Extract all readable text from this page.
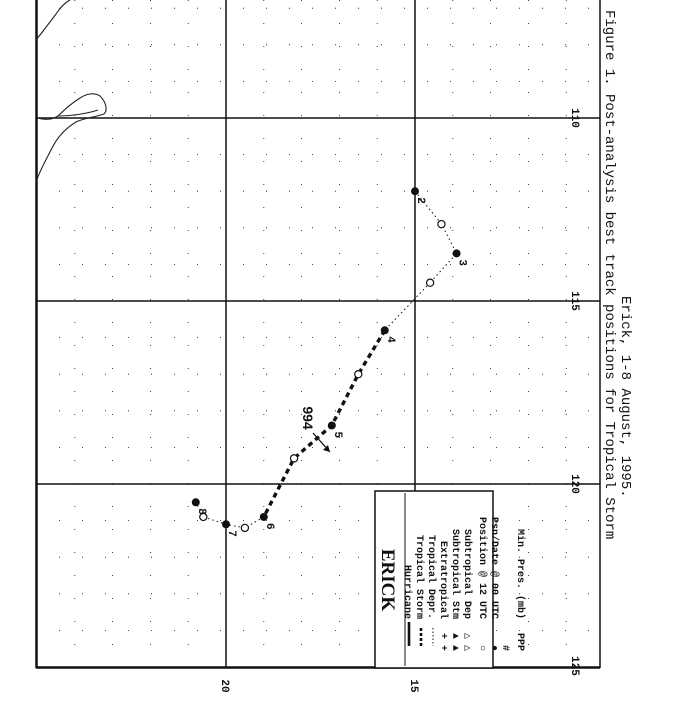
110
115
120
125
20	15
2
3
4
5
6
7
8
994
ERICK Hurricane Tropical Storm Tropical Depr.
+ +
Extratropical
▲ ▲
Subtropical Stm
△ △
Subtropical Dep
○
Position @ 12 UTC
●
Psn/Date @ 00 UTC
# PPP
Min. Pres. (mb)
Figure 1. Post-analysis best track positions for Tropical Storm Erick, 1-8 August, 1995.
